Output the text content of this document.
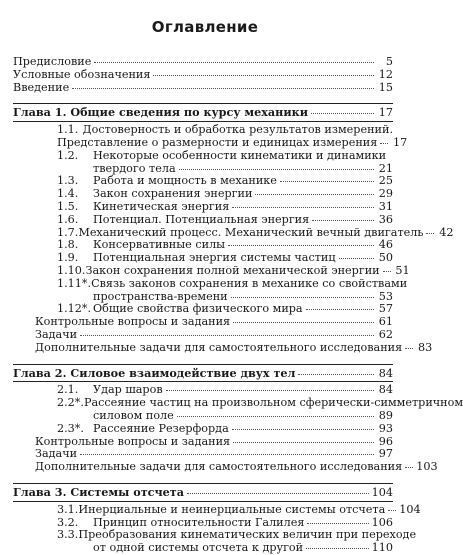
Оглавление
Предисловие	5
Условные обозначения	12
Введение	15
Глава 1. Общие сведения по курсу механики	17
1.1. Достоверность и обработка результатов измерений.
Представление о размерности и единицах измерения 17
1.2.	Некоторые особенности кинематики и динамики
твердого тела	21
1.3.	Работа и мощность в механике	25
1.4.	Закон сохранения энергии	29
1.5.	Кинетическая энергия	31
1.6.	Потенциал. Потенциальная энергия	36
1.7. Механический процесс. Механический вечный двигатель 42
1.8.	Консервативные силы	46
1.9.	Потенциальная энергия системы частиц	50
1.10. Закон сохранения полной механической энергии 51
1.11*. Связь законов сохранения в механике со свойствами
пространства-времени	53
1.12*. Общие свойства физического мира	57
Контрольные вопросы и задания	61
Задачи	62
Дополнительные задачи для самостоятельного исследования 83
Глава 2. Силовое взаимодействие двух тел	84
2.1.	Удар шаров	84
2.2*. Рассеяние частиц на произвольном сферически-симметричном
силовом поле	89
2.3*. Рассеяние Резерфорда	93
Контрольные вопросы и задания	96
Задачи	97
Дополнительные задачи для самостоятельного исследования 103
Глава 3. Системы отсчета	104
3.1. Инерциальные и неинерциальные системы отсчета 104
3.2.	Принцип относительности Галилея	106
3.3. Преобразования кинематических величин при переходе
от одной системы отсчета к другой	110
